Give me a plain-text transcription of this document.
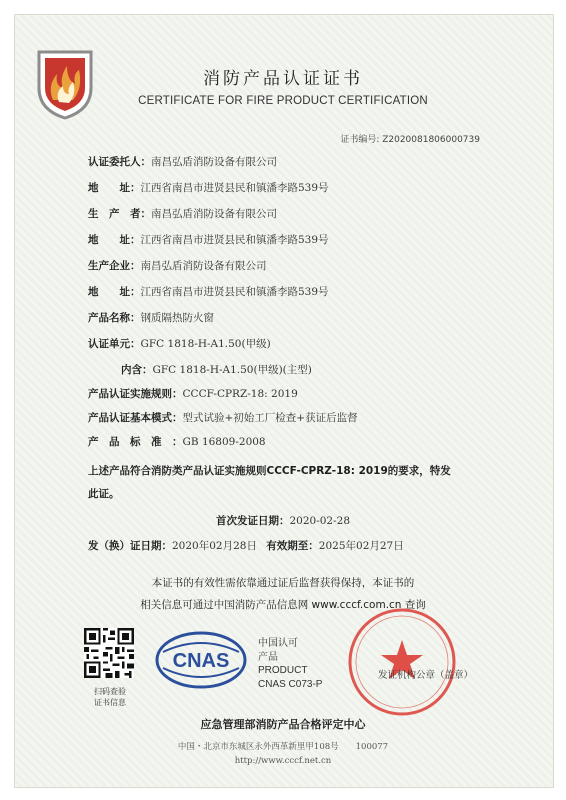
消防产品认证证书
CERTIFICATE FOR FIRE PRODUCT CERTIFICATION
证书编号: Z2020081806000739
认证委托人：南昌弘盾消防设备有限公司
地　　址：江西省南昌市进贤县民和镇潘李路539号
生　产　者：南昌弘盾消防设备有限公司
地　　址：江西省南昌市进贤县民和镇潘李路539号
生产企业：南昌弘盾消防设备有限公司
地　　址：江西省南昌市进贤县民和镇潘李路539号
产品名称：钢质隔热防火窗
认证单元：GFC 1818-H-A1.50(甲级)
内含：GFC 1818-H-A1.50(甲级)(主型)
产品认证实施规则：CCCF-CPRZ-18: 2019
产品认证基本模式：型式试验+初始工厂检查+获证后监督
产　品　标　准　：GB 16809-2008
上述产品符合消防类产品认证实施规则CCCF-CPRZ-18: 2019的要求，特发
此证。
首次发证日期：2020-02-28
发（换）证日期：2020年02月28日 有效期至：2025年02月27日
本证书的有效性需依靠通过证后监督获得保持，本证书的
相关信息可通过中国消防产品信息网 www.cccf.com.cn 查询
扫码查验
证书信息
CNAS
中国认可
产品
PRODUCT
CNAS C073-P
发证机构公章（盖章）
应急管理部消防产品合格评定中心
中国・北京市东城区永外西革新里甲108号　　100077
http://www.cccf.net.cn
